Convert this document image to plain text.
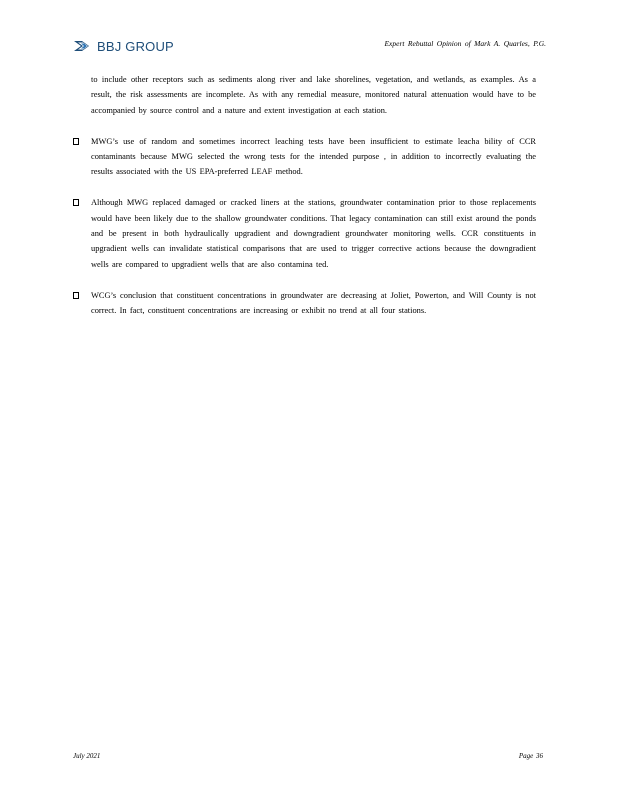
BBJ GROUP	Expert Rebuttal Opinion of Mark A. Quarles, P.G.

to include other receptors such as sediments along river and lake shorelines, vegetation, and wetlands, as examples. As a result, the risk assessments are incomplete. As with any remedial measure, monitored natural attenuation would have to be accompanied by source control and a nature and extent investigation at each station.

MWG’s use of random and sometimes incorrect leaching tests have been insufficient to estimate leacha bility of CCR contaminants because MWG selected the wrong tests for the intended purpose , in addition to incorrectly evaluating the results associated with the US EPA-preferred LEAF method.

Although MWG replaced damaged or cracked liners at the stations, groundwater contamination prior to those replacements would have been likely due to the shallow groundwater conditions. That legacy contamination can still exist around the ponds and be present in both hydraulically upgradient and downgradient groundwater monitoring wells. CCR constituents in upgradient wells can invalidate statistical comparisons that are used to trigger corrective actions because the downgradient wells are compared to upgradient wells that are also contamina ted.

WCG’s conclusion that constituent concentrations in groundwater are decreasing at Joliet, Powerton, and Will County is not correct. In fact, constituent concentrations are increasing or exhibit no trend at all four stations.

July 2021	Page 36
